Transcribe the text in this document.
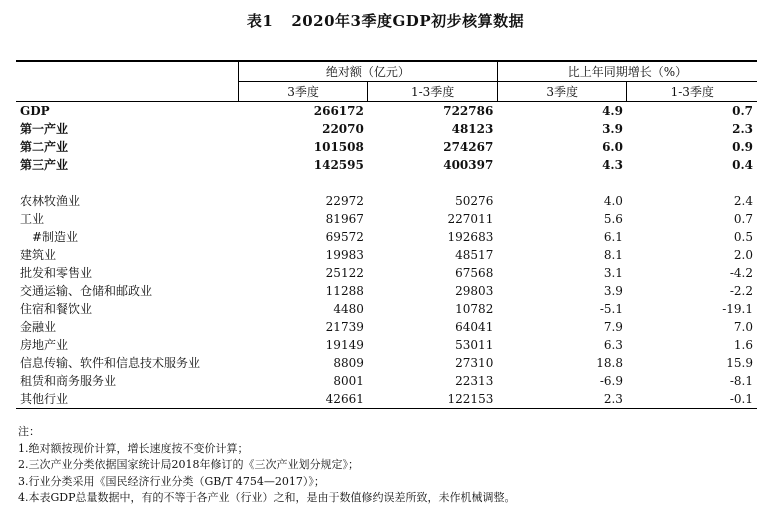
表1 2020年3季度GDP初步核算数据
	绝对额（亿元）		比上年同期增长（%）	
	3季度	1-3季度	3季度	1-3季度
GDP	266172	722786	4.9	0.7
第一产业	22070	48123	3.9	2.3
第二产业	101508	274267	6.0	0.9
第三产业	142595	400397	4.3	0.4

农林牧渔业	22972	50276	4.0	2.4
工业	81967	227011	5.6	0.7
#制造业	69572	192683	6.1	0.5
建筑业	19983	48517	8.1	2.0
批发和零售业	25122	67568	3.1	-4.2
交通运输、仓储和邮政业	11288	29803	3.9	-2.2
住宿和餐饮业	4480	10782	-5.1	-19.1
金融业	21739	64041	7.9	7.0
房地产业	19149	53011	6.3	1.6
信息传输、软件和信息技术服务业	8809	27310	18.8	15.9
租赁和商务服务业	8001	22313	-6.9	-8.1
其他行业	42661	122153	2.3	-0.1
注：
1.绝对额按现价计算，增长速度按不变价计算；
2.三次产业分类依据国家统计局2018年修订的《三次产业划分规定》；
3.行业分类采用《国民经济行业分类（GB/T 4754—2017）》；
4.本表GDP总量数据中，有的不等于各产业（行业）之和，是由于数值修约误差所致，未作机械调整。
